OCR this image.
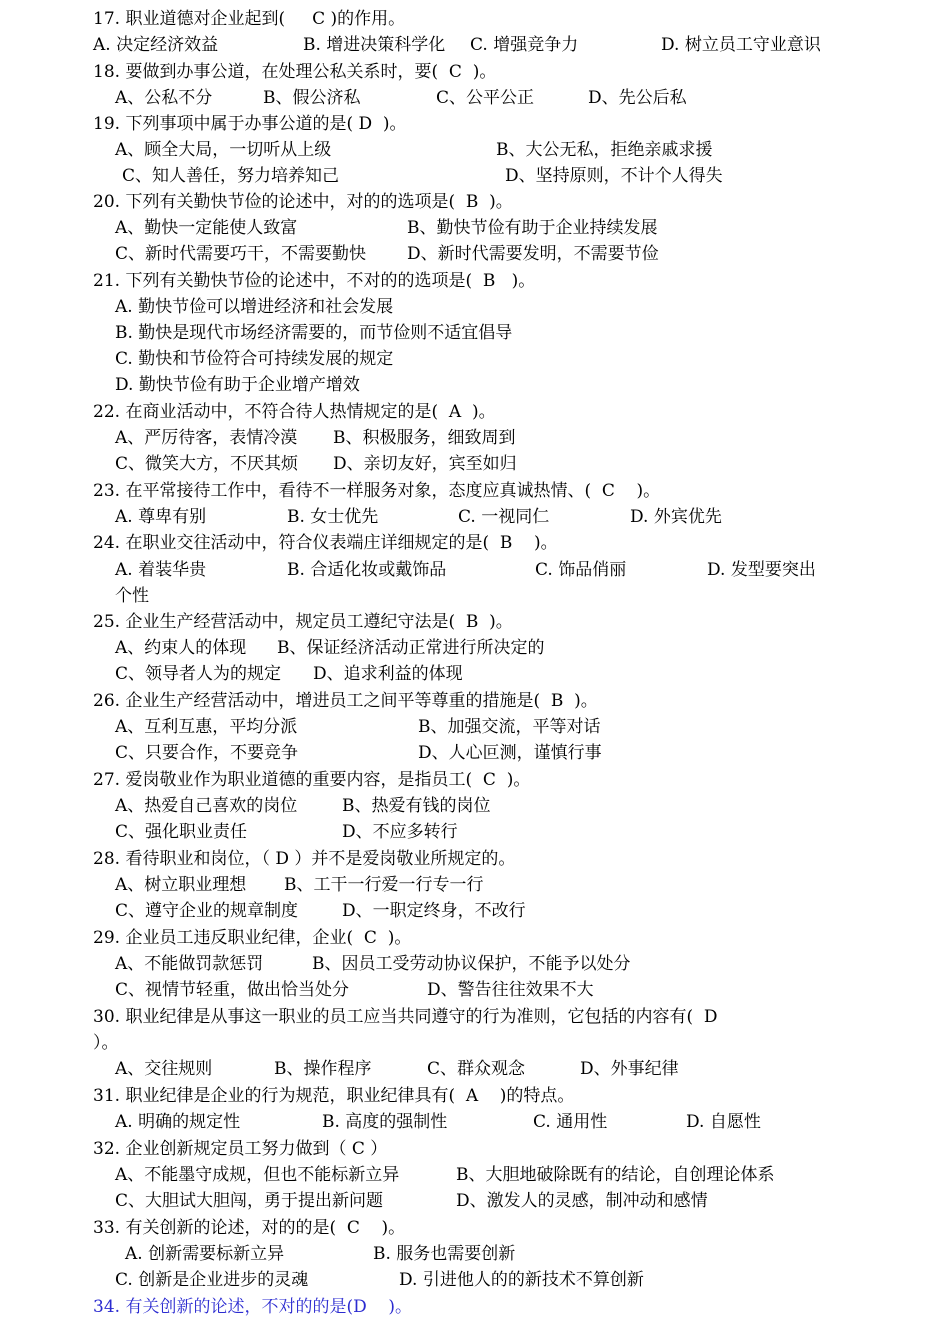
17. 职业道德对企业起到(     C )的作用。
A. 决定经济效益	B. 增进决策科学化 C. 增强竞争力	D. 树立员工守业意识
18. 要做到办事公道，在处理公私关系时，要(  C  )。
A、公私不分	B、假公济私	C、公平公正	D、先公后私
19. 下列事项中属于办事公道的是( D  )。
A、顾全大局，一切听从上级	B、大公无私，拒绝亲戚求援
C、知人善任，努力培养知己	D、坚持原则，不计个人得失
20. 下列有关勤快节俭的论述中，对的的选项是(  B  )。
A、勤快一定能使人致富	B、勤快节俭有助于企业持续发展
C、新时代需要巧干，不需要勤快 D、新时代需要发明，不需要节俭
21. 下列有关勤快节俭的论述中，不对的的选项是(  B   )。
A. 勤快节俭可以增进经济和社会发展
B. 勤快是现代市场经济需要的，而节俭则不适宜倡导
C. 勤快和节俭符合可持续发展的规定
D. 勤快节俭有助于企业增产增效
22. 在商业活动中，不符合待人热情规定的是(  A  )。
A、严厉待客，表情冷漠 B、积极服务，细致周到
C、微笑大方，不厌其烦 D、亲切友好，宾至如归
23. 在平常接待工作中，看待不一样服务对象，态度应真诚热情、(  C    )。
A. 尊卑有别	B. 女士优先	C. 一视同仁	D. 外宾优先
24. 在职业交往活动中，符合仪表端庄详细规定的是(  B    )。
A. 着装华贵	B. 合适化妆或戴饰品	C. 饰品俏丽	D. 发型要突出
个性
25. 企业生产经营活动中，规定员工遵纪守法是(  B  )。
A、约束人的体现 B、保证经济活动正常进行所决定的
C、领导者人为的规定 D、追求利益的体现
26. 企业生产经营活动中，增进员工之间平等尊重的措施是(  B  )。
A、互利互惠，平均分派	B、加强交流，平等对话
C、只要合作，不要竞争	D、人心叵测，谨慎行事
27. 爱岗敬业作为职业道德的重要内容，是指员工(  C  )。
A、热爱自己喜欢的岗位	B、热爱有钱的岗位
C、强化职业责任	D、不应多转行
28. 看待职业和岗位，（ D ）并不是爱岗敬业所规定的。
A、树立职业理想 B、工干一行爱一行专一行
C、遵守企业的规章制度	D、一职定终身，不改行
29. 企业员工违反职业纪律，企业(  C  )。
A、不能做罚款惩罚	B、因员工受劳动协议保护，不能予以处分
C、视情节轻重，做出恰当处分	D、警告往往效果不大
30. 职业纪律是从事这一职业的员工应当共同遵守的行为准则，它包括的内容有(  D
）。
A、交往规则	B、操作程序	C、群众观念	D、外事纪律
31. 职业纪律是企业的行为规范，职业纪律具有(  A    )的特点。
A. 明确的规定性	B. 高度的强制性	C. 通用性	D. 自愿性
32. 企业创新规定员工努力做到（ C ）
A、不能墨守成规，但也不能标新立异	B、大胆地破除既有的结论，自创理论体系
C、大胆试大胆闯，勇于提出新问题	D、激发人的灵感，制冲动和感情
33. 有关创新的论述，对的的是(  C    )。
A. 创新需要标新立异	B. 服务也需要创新
C. 创新是企业进步的灵魂	D. 引进他人的的新技术不算创新
34. 有关创新的论述，不对的的是(D    )。
